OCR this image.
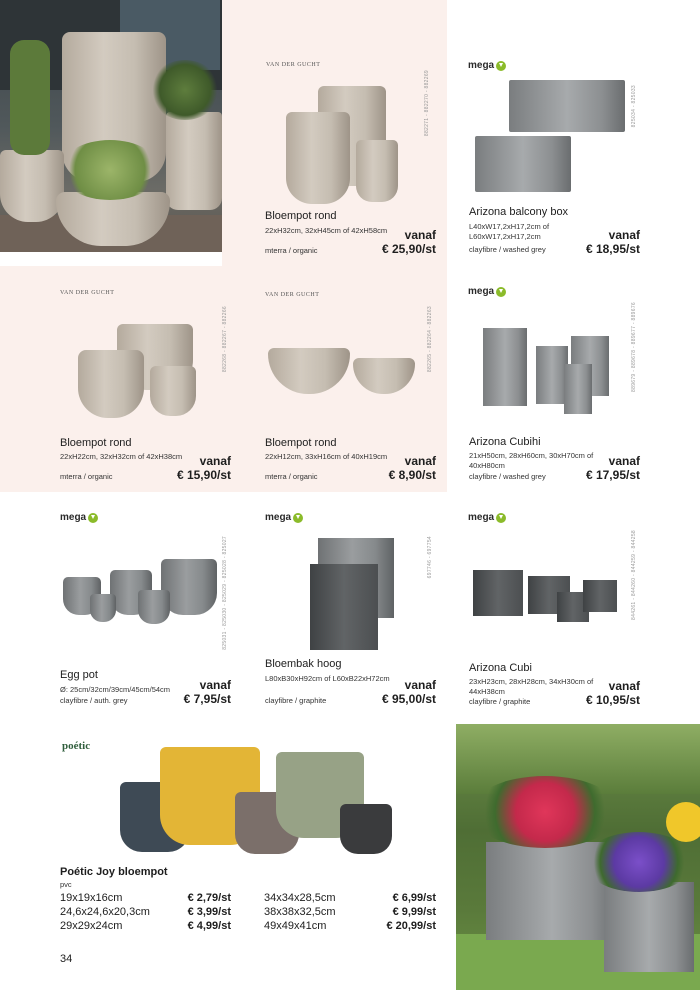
VAN DER GUCHT
882271 - 882270 - 882269
Bloempot rond
22xH32cm, 32xH45cm of 42xH58cm
mterra / organic
vanaf
€ 25,90/st
mega
825034 - 825033
Arizona balcony box
L40xW17,2xH17,2cm of L60xW17,2xH17,2cm
clayfibre / washed grey
vanaf
€ 18,95/st
VAN DER GUCHT
882268 - 882267 - 882266
Bloempot rond
22xH22cm, 32xH32cm of 42xH38cm
mterra / organic
vanaf
€ 15,90/st
VAN DER GUCHT
882265 - 882264 - 882263
Bloempot rond
22xH12cm, 33xH16cm of 40xH19cm
mterra / organic
vanaf
€ 8,90/st
mega
889679 - 889678 - 889677 - 889676
Arizona Cubihi
21xH50cm, 28xH60cm, 30xH70cm of 40xH80cm
clayfibre / washed grey
vanaf
€ 17,95/st
mega
825031 - 825030 - 825029 - 825028 - 825027
Egg pot
Ø: 25cm/32cm/39cm/45cm/54cm
clayfibre / auth. grey
vanaf
€ 7,95/st
mega
697746 - 697754
Bloembak hoog
L80xB30xH92cm of L60xB22xH72cm
clayfibre / graphite
vanaf
€ 95,00/st
mega
844261 - 844260 - 844259 - 844258
Arizona Cubi
23xH23cm, 28xH28cm, 34xH30cm of 44xH38cm
clayfibre / graphite
vanaf
€ 10,95/st
poétic
Poétic Joy bloempot
pvc
19x19x16cm	€ 2,79/st
24,6x24,6x20,3cm	€ 3,99/st
29x29x24cm	€ 4,99/st
34x34x28,5cm	€ 6,99/st
38x38x32,5cm	€ 9,99/st
49x49x41cm	€ 20,99/st
34
